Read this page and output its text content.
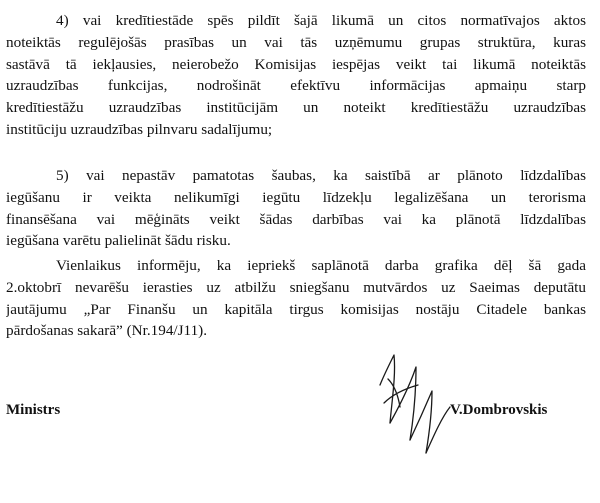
4) vai kredītiestāde spēs pildīt šajā likumā un citos normatīvajos aktos
noteiktās regulējošās prasības un vai tās uzņēmumu grupas struktūra, kuras
sastāvā tā iekļausies, neierobežo Komisijas iespējas veikt tai likumā noteiktās
uzraudzības funkcijas, nodrošināt efektīvu informācijas apmaiņu starp
kredītiestāžu uzraudzības institūcijām un noteikt kredītiestāžu uzraudzības
institūciju uzraudzības pilnvaru sadalījumu;
5) vai nepastāv pamatotas šaubas, ka saistībā ar plānoto līdzdalības
iegūšanu ir veikta nelikumīgi iegūtu līdzekļu legalizēšana un terorisma
finansēšana vai mēģināts veikt šādas darbības vai ka plānotā līdzdalības
iegūšana varētu palielināt šādu risku.
Vienlaikus informēju, ka iepriekš saplānotā darba grafika dēļ šā gada
2.oktobrī nevarēšu ierasties uz atbilžu sniegšanu mutvārdos uz Saeimas deputātu
jautājumu „Par Finanšu un kapitāla tirgus komisijas nostāju Citadele bankas
pārdošanas sakarā” (Nr.194/J11).
Ministrs	V.Dombrovskis
